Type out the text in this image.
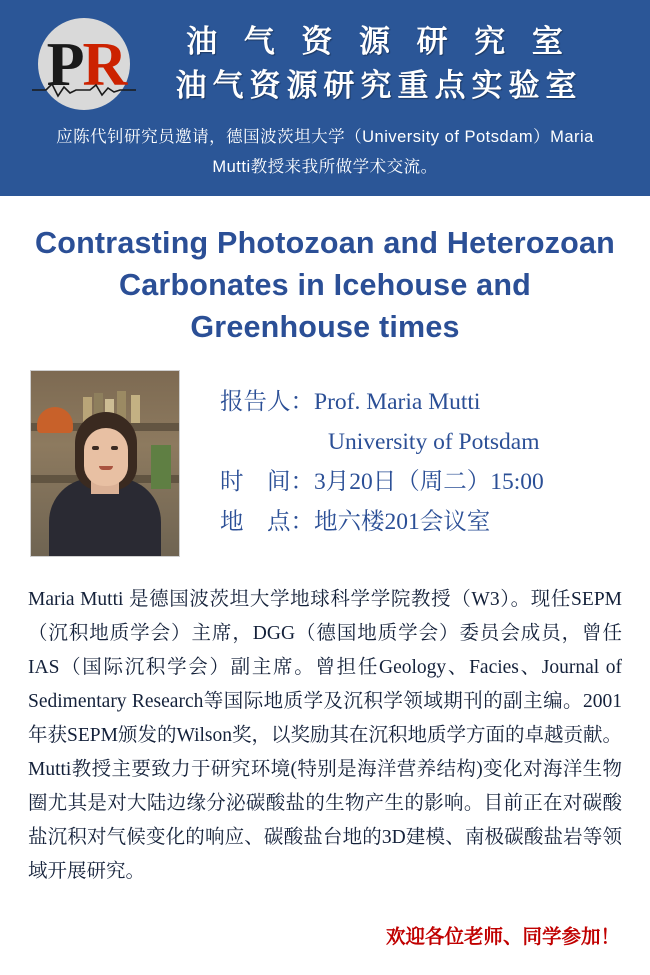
PR	油 气 资 源 研 究 室
油气资源研究重点实验室
应陈代钊研究员邀请，德国波茨坦大学（University of Potsdam）Maria Mutti教授来我所做学术交流。
Contrasting Photozoan and Heterozoan Carbonates in Icehouse and Greenhouse times
报告人：Prof. Maria Mutti
University of Potsdam
时　间：3月20日（周二）15:00
地　点：地六楼201会议室
Maria Mutti 是德国波茨坦大学地球科学学院教授（W3）。现任SEPM（沉积地质学会）主席，DGG（德国地质学会）委员会成员，曾任IAS（国际沉积学会）副主席。曾担任Geology、Facies、Journal of Sedimentary Research等国际地质学及沉积学领域期刊的副主编。2001年获SEPM颁发的Wilson奖，以奖励其在沉积地质学方面的卓越贡献。Mutti教授主要致力于研究环境(特别是海洋营养结构)变化对海洋生物圈尤其是对大陆边缘分泌碳酸盐的生物产生的影响。目前正在对碳酸盐沉积对气候变化的响应、碳酸盐台地的3D建模、南极碳酸盐岩等领域开展研究。
欢迎各位老师、同学参加！
